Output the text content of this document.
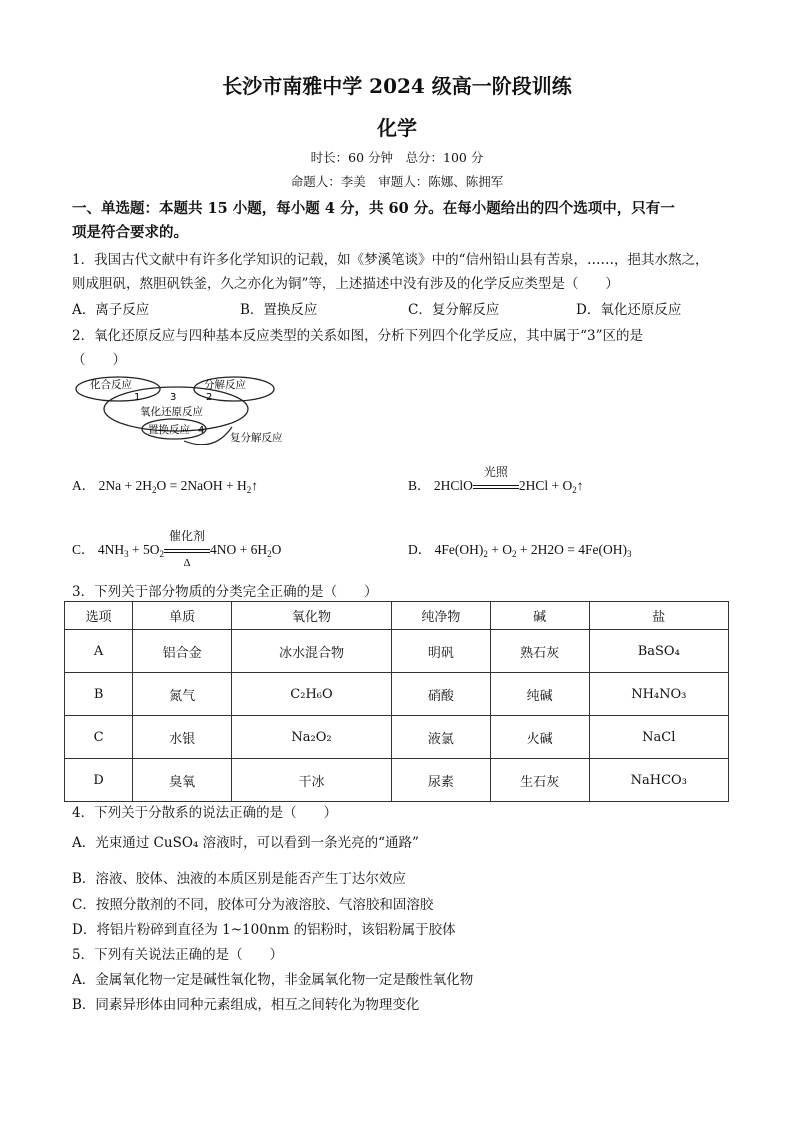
长沙市南雅中学 2024 级高一阶段训练
化学
时长：60 分钟　总分：100 分
命题人：李美　审题人：陈娜、陈拥军
一、单选题：本题共 15 小题，每小题 4 分，共 60 分。在每小题给出的四个选项中，只有一
项是符合要求的。
1．我国古代文献中有许多化学知识的记载，如《梦溪笔谈》中的“信州铅山县有苦泉，……，挹其水熬之，
则成胆矾，熬胆矾铁釜，久之亦化为铜”等，上述描述中没有涉及的化学反应类型是（　　）
A．离子反应	B．置换反应	C．复分解反应	D．氧化还原反应
2．氧化还原反应与四种基本反应类型的关系如图，分析下列四个化学反应，其中属于“3”区的是
（　　）
化合反应
1	3
分解反应
2
氧化还原反应
置换反应 4
复分解反应
A． $2Na + 2H_2O$ = 2NaOH + $H_2↑$	B． 2HClO
光照
$2HCl + O_2↑$
C． $4NH_3 + 5O_2$
催化剂
Δ
$4NO + 6H_2O$	D． $4Fe(OH)_2 + O_2 + 2H2O = 4Fe(OH)_3$
3．下列关于部分物质的分类完全正确的是（　　）
选项	单质	氧化物	纯净物	碱	盐
A	铝合金	冰水混合物	明矾	熟石灰	BaSO₄
B	氮气	C₂H₆O	硝酸	纯碱	NH₄NO₃
C	水银	Na₂O₂	液氯	火碱	NaCl
D	臭氧	干冰	尿素	生石灰	NaHCO₃
4．下列关于分散系的说法正确的是（　　）
A．光束通过 CuSO₄ 溶液时，可以看到一条光亮的“通路”
B．溶液、胶体、浊液的本质区别是能否产生丁达尔效应
C．按照分散剂的不同，胶体可分为液溶胶、气溶胶和固溶胶
D．将铝片粉碎到直径为 1~100nm 的铝粉时，该铝粉属于胶体
5．下列有关说法正确的是（　　）
A．金属氧化物一定是碱性氧化物，非金属氧化物一定是酸性氧化物
B．同素异形体由同种元素组成，相互之间转化为物理变化
